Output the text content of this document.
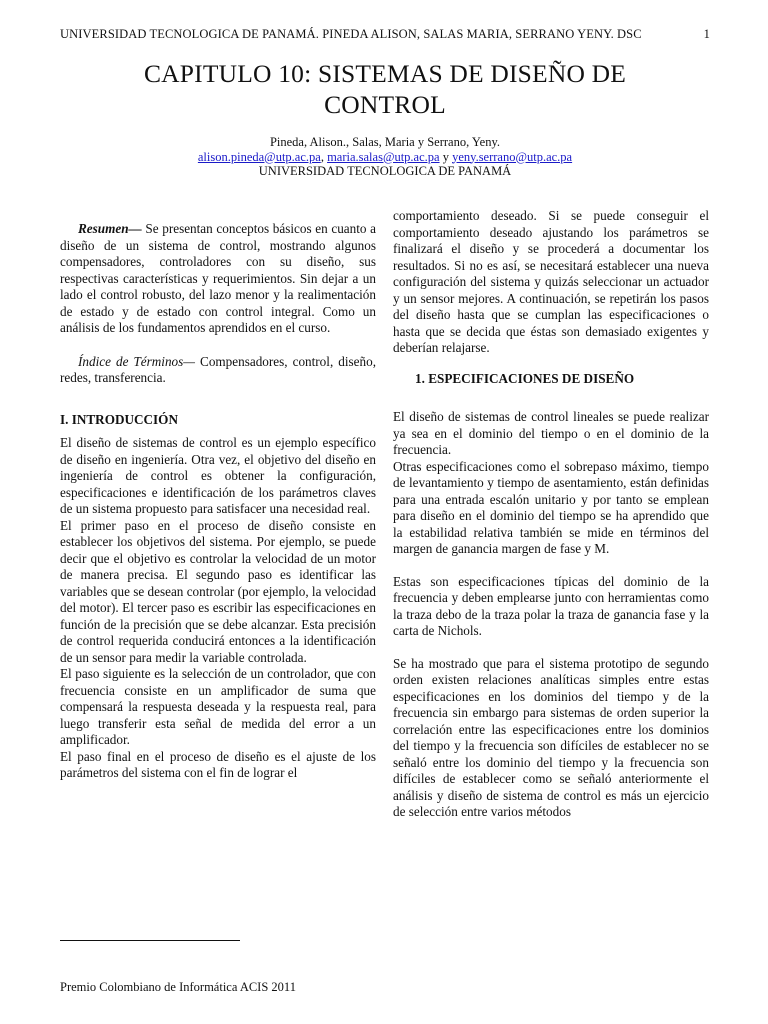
UNIVERSIDAD TECNOLOGICA DE PANAMÁ. PINEDA ALISON, SALAS MARIA, SERRANO YENY. DSC	1
CAPITULO 10: SISTEMAS DE DISEÑO DE
CONTROL
Pineda, Alison., Salas, Maria y Serrano, Yeny.
alison.pineda@utp.ac.pa, maria.salas@utp.ac.pa y yeny.serrano@utp.ac.pa
UNIVERSIDAD TECNOLOGICA DE PANAMÁ

Resumen— Se presentan conceptos básicos en cuanto a diseño de un sistema de control, mostrando algunos compensadores, controladores con su diseño, sus respectivas características y requerimientos. Sin dejar a un lado el control robusto, del lazo menor y la realimentación de estado y de estado con control integral. Como un análisis de los fundamentos aprendidos en el curso.

Índice de Términos— Compensadores, control, diseño, redes, transferencia.

I. INTRODUCCIÓN

El diseño de sistemas de control es un ejemplo específico de diseño en ingeniería. Otra vez, el objetivo del diseño en ingeniería de control es obtener la configuración, especificaciones e identificación de los parámetros claves de un sistema propuesto para satisfacer una necesidad real.

El primer paso en el proceso de diseño consiste en establecer los objetivos del sistema. Por ejemplo, se puede decir que el objetivo es controlar la velocidad de un motor de manera precisa. El segundo paso es identificar las variables que se desean controlar (por ejemplo, la velocidad del motor). El tercer paso es escribir las especificaciones en función de la precisión que se debe alcanzar. Esta precisión de control requerida conducirá entonces a la identificación de un sensor para medir la variable controlada.

El paso siguiente es la selección de un controlador, que con frecuencia consiste en un amplificador de suma que compensará la respuesta deseada y la respuesta real, para luego transferir esta señal de medida del error a un amplificador.

El paso final en el proceso de diseño es el ajuste de los parámetros del sistema con el fin de lograr el

comportamiento deseado. Si se puede conseguir el comportamiento deseado ajustando los parámetros se finalizará el diseño y se procederá a documentar los resultados. Si no es así, se necesitará establecer una nueva configuración del sistema y quizás seleccionar un actuador y un sensor mejores. A continuación, se repetirán los pasos del diseño hasta que se cumplan las especificaciones o hasta que se decida que éstas son demasiado exigentes y deberían relajarse.

1. ESPECIFICACIONES DE DISEÑO

El diseño de sistemas de control lineales se puede realizar ya sea en el dominio del tiempo o en el dominio de la frecuencia.

Otras especificaciones como el sobrepaso máximo, tiempo de levantamiento y tiempo de asentamiento, están definidas para una entrada escalón unitario y por tanto se emplean para diseño en el dominio del tiempo se ha aprendido que la estabilidad relativa también se mide en términos del margen de ganancia margen de fase y M.

Estas son especificaciones típicas del dominio de la frecuencia y deben emplearse junto con herramientas como la traza debo de la traza polar la traza de ganancia fase y la carta de Nichols.

Se ha mostrado que para el sistema prototipo de segundo orden existen relaciones analíticas simples entre estas especificaciones en los dominios del tiempo y de la frecuencia sin embargo para sistemas de orden superior la correlación entre las especificaciones entre los dominios del tiempo y la frecuencia son difíciles de establecer no se señaló entre los dominio del tiempo y la frecuencia son difíciles de establecer como se señaló anteriormente el análisis y diseño de sistema de control es más un ejercicio de selección entre varios métodos

Premio Colombiano de Informática ACIS 2011
